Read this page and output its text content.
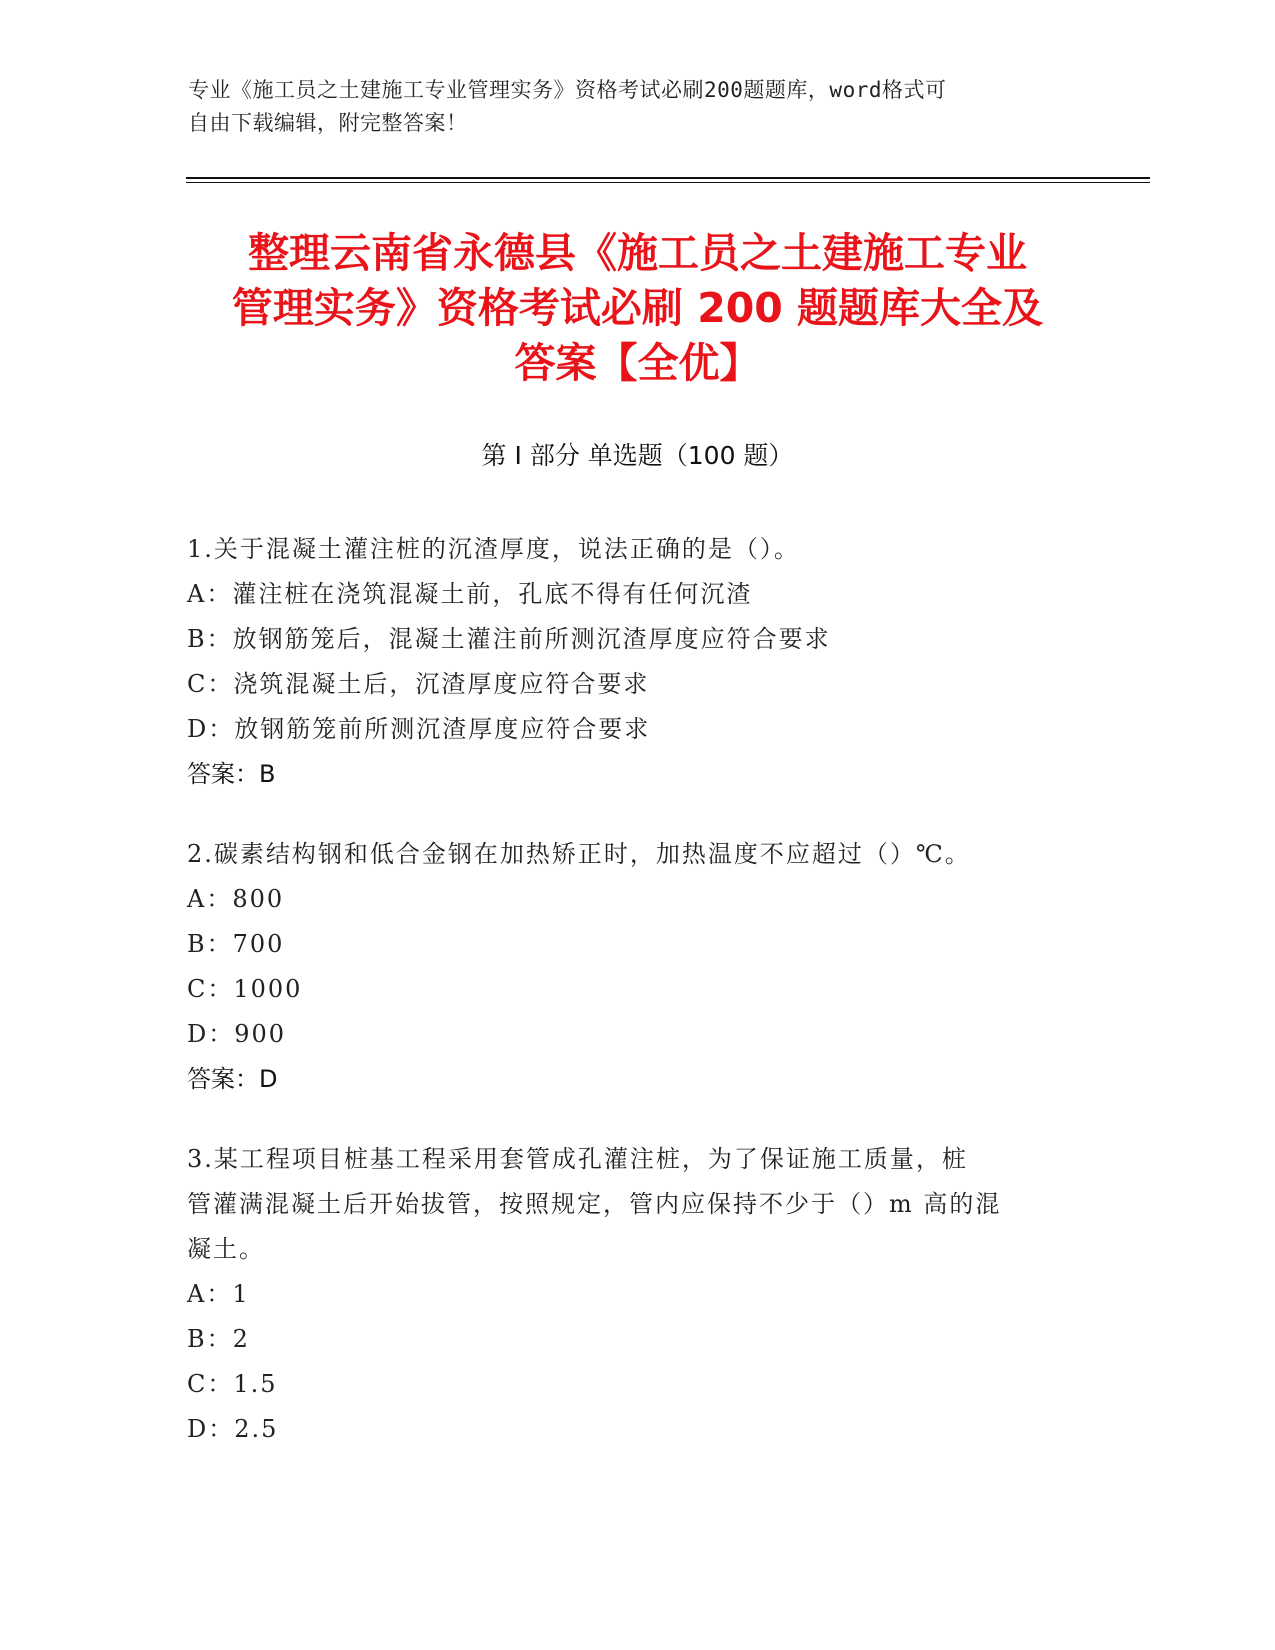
专业《施工员之土建施工专业管理实务》资格考试必刷200题题库，word格式可
自由下载编辑，附完整答案！
整理云南省永德县《施工员之土建施工专业
管理实务》资格考试必刷 200 题题库大全及
答案【全优】
第 I 部分 单选题（100 题）
1.关于混凝土灌注桩的沉渣厚度，说法正确的是（）。
A：灌注桩在浇筑混凝土前，孔底不得有任何沉渣
B：放钢筋笼后，混凝土灌注前所测沉渣厚度应符合要求
C：浇筑混凝土后，沉渣厚度应符合要求
D：放钢筋笼前所测沉渣厚度应符合要求
答案：B
2.碳素结构钢和低合金钢在加热矫正时，加热温度不应超过（）℃。
A：800
B：700
C：1000
D：900
答案：D
3.某工程项目桩基工程采用套管成孔灌注桩，为了保证施工质量，桩
管灌满混凝土后开始拔管，按照规定，管内应保持不少于（）m 高的混
凝土。
A：1
B：2
C：1.5
D：2.5
